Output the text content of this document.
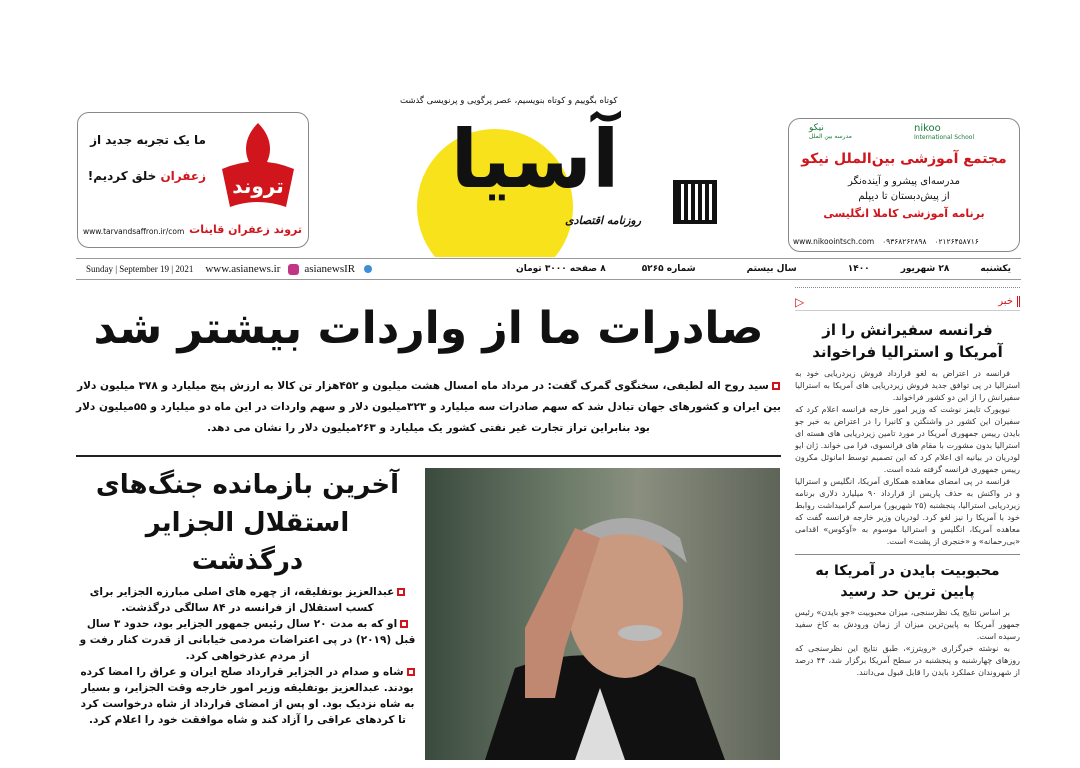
ما یک تجربه جدید از
زعفران خلق کردیم!	تروند
تروند زعفران قاینات
www.tarvandsaffron.ir/com
کوتاه بگوییم و کوتاه بنویسیم، عصر پرگویی و پرنویسی گذشت
آسیا
روزنامه اقتصادی
نیکو
مدرسه بین الملل
nikoo
International School
مجتمع آموزشی بین‌الملل نیکو
مدرسه‌ای پیشرو و آینده‌نگر
از پیش‌دبستان تا دیپلم
برنامه آموزشی کاملا انگلیسی
www.nikoointsch.com ۰۹۳۶۸۲۶۲۸۹۸ ۰۲۱۲۶۴۵۸۷۱۶
Sunday | September 19 | 2021 www.asianews.ir asianewsIR	یکشنبه
۲۸ شهریور
۱۴۰۰
سال بیستم
شماره ۵۲۶۵
۸ صفحه ۳۰۰۰ تومان
صادرات ما از واردات بیشتر شد
سید روح اله لطیفی، سخنگوی گمرک گفت: در مرداد ماه امسال هشت میلیون و ۴۵۲هزار تن کالا به ارزش پنج میلیارد و ۳۷۸ میلیون دلار بین ایران و کشورهای جهان تبادل شد که سهم صادرات سه میلیارد و ۳۲۳میلیون دلار و سهم واردات در این ماه دو میلیارد و ۵۵میلیون دلار بود بنابراین تراز تجارت غیر نفتی کشور یک میلیارد و ۲۶۳میلیون دلار را نشان می دهد.
آخرین بازمانده جنگ‌های استقلال الجزایر درگذشت
عبدالعزیز بوتفلیقه، از چهره های اصلی مبارزه الجزایر برای کسب استقلال از فرانسه در ۸۴ سالگی درگذشت.
او که به مدت ۲۰ سال رئیس جمهور الجزایر بود، حدود ۳ سال قبل (۲۰۱۹) در پی اعتراضات مردمی خیابانی از قدرت کنار رفت و از مردم عذرخواهی کرد.
شاه و صدام در الجزایر قرارداد صلح ایران و عراق را امضا کرده بودند. عبدالعزیز بوتفلیقه وزیر امور خارجه وقت الجزایر، و بسیار به شاه نزدیک بود. او پس از امضای قرارداد از شاه درخواست کرد تا کردهای عراقی را آزاد کند و شاه موافقت خود را اعلام کرد.
▷	خبر
فرانسه سفیرانش را از آمریکا و استرالیا فراخواند

فرانسه در اعتراض به لغو قرارداد فروش زیردریایی خود به استرالیا در پی توافق جدید فروش زیردریایی های آمریکا به استرالیا سفیرانش را از این دو کشور فراخواند.

نیویورک تایمز نوشت که وزیر امور خارجه فرانسه اعلام کرد که سفیران این کشور در واشنگتن و کانبرا را در اعتراض به خبر جو بایدن رییس جمهوری آمریکا در مورد تامین زیردریایی های هسته ای استرالیا بدون مشورت با مقام های فرانسوی، فرا می خواند. ژان ایو لودریان در بیانیه ای اعلام کرد که این تصمیم توسط امانوئل مکرون رییس جمهوری فرانسه گرفته شده است.

فرانسه در پی امضای معاهده همکاری آمریکا، انگلیس و استرالیا و در واکنش به حذف پاریس از قرارداد ۹۰ میلیارد دلاری برنامه زیردریایی استرالیا، پنجشنبه (۲۵ شهریور) مراسم گرامیداشت روابط خود با آمریکا را نیز لغو کرد. لودریان وزیر خارجه فرانسه گفت که معاهده آمریکا، انگلیس و استرالیا موسوم به «آوکوس» اقدامی «بی‌رحمانه» و «خنجری از پشت» است.

محبوبیت بایدن در آمریکا به پایین ترین حد رسید

بر اساس نتایج یک نظرسنجی، میزان محبوبیت «جو بایدن» رئیس جمهور آمریکا به پایین‌ترین میزان از زمان ورودش به کاخ سفید رسیده است.

به نوشته خبرگزاری «رویترز»، طبق نتایج این نظرسنجی که روزهای چهارشنبه و پنجشنبه در سطح آمریکا برگزار شد، ۴۴ درصد از شهروندان عملکرد بایدن را قابل قبول می‌دانند.
